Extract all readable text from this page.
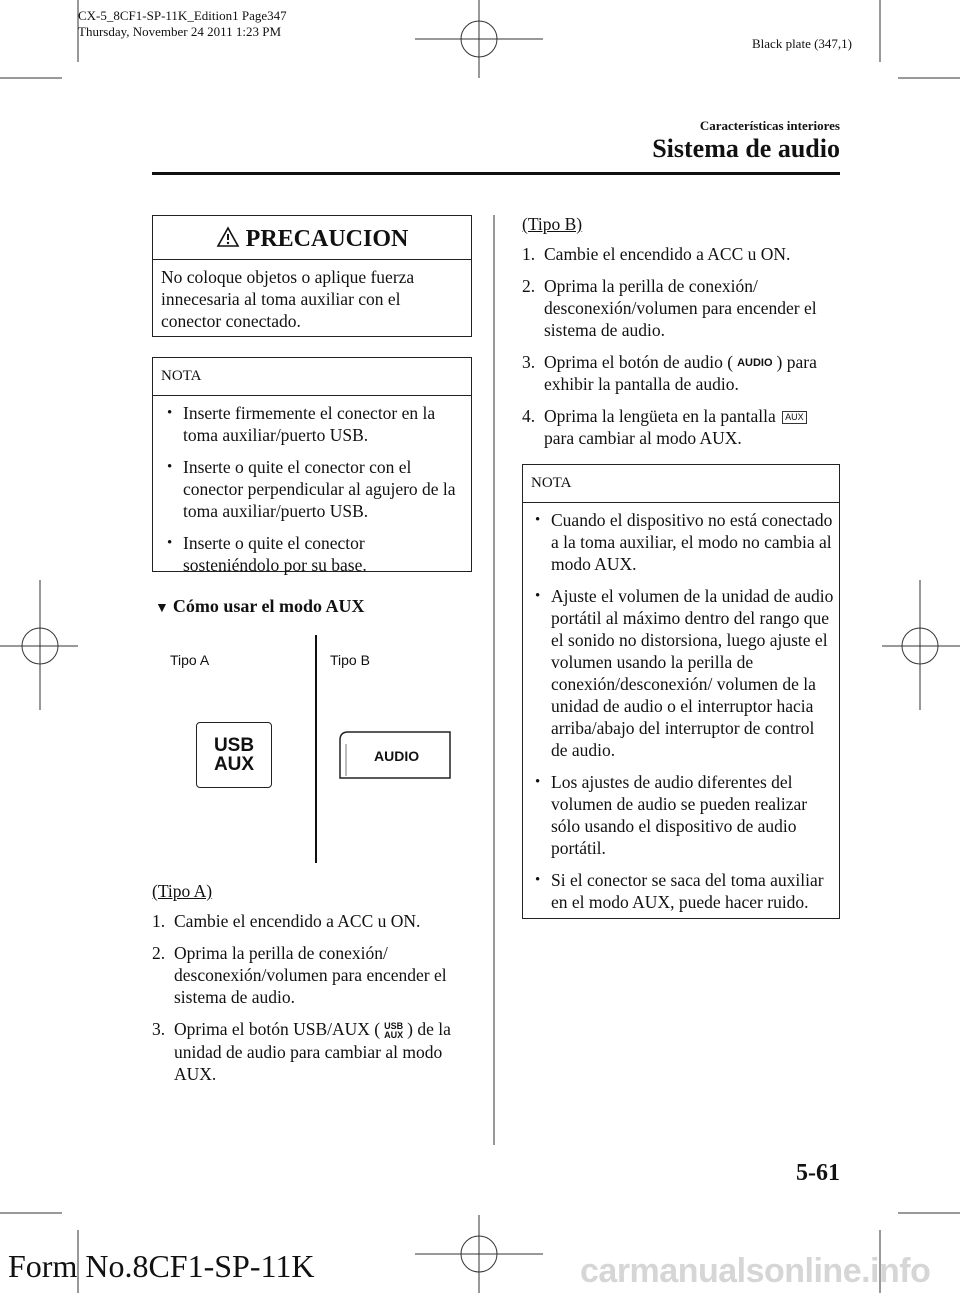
CX-5_8CF1-SP-11K_Edition1 Page347
Thursday, November 24 2011 1:23 PM
Black plate (347,1)
Características interiores
Sistema de audio
PRECAUCION
No coloque objetos o aplique fuerza innecesaria al toma auxiliar con el conector conectado.
NOTA
• Inserte firmemente el conector en la toma auxiliar/puerto USB.
• Inserte o quite el conector con el conector perpendicular al agujero de la toma auxiliar/puerto USB.
• Inserte o quite el conector sosteniéndolo por su base.
▼ Cómo usar el modo AUX
Tipo A	Tipo B
USB
AUX	AUDIO
(Tipo A)
1. Cambie el encendido a ACC u ON.
2. Oprima la perilla de conexión/ desconexión/volumen para encender el sistema de audio.
3. Oprima el botón USB/AUX ( USB
AUX ) de la unidad de audio para cambiar al modo AUX.
(Tipo B)
1. Cambie el encendido a ACC u ON.
2. Oprima la perilla de conexión/ desconexión/volumen para encender el sistema de audio.
3. Oprima el botón de audio ( AUDIO ) para exhibir la pantalla de audio.
4. Oprima la lengüeta en la pantalla AUX para cambiar al modo AUX.
NOTA
• Cuando el dispositivo no está conectado a la toma auxiliar, el modo no cambia al modo AUX.
• Ajuste el volumen de la unidad de audio portátil al máximo dentro del rango que el sonido no distorsiona, luego ajuste el volumen usando la perilla de conexión/desconexión/ volumen de la unidad de audio o el interruptor hacia arriba/abajo del interruptor de control de audio.
• Los ajustes de audio diferentes del volumen de audio se pueden realizar sólo usando el dispositivo de audio portátil.
• Si el conector se saca del toma auxiliar en el modo AUX, puede hacer ruido.
5-61
Form No.8CF1-SP-11K	carmanualsonline.info
